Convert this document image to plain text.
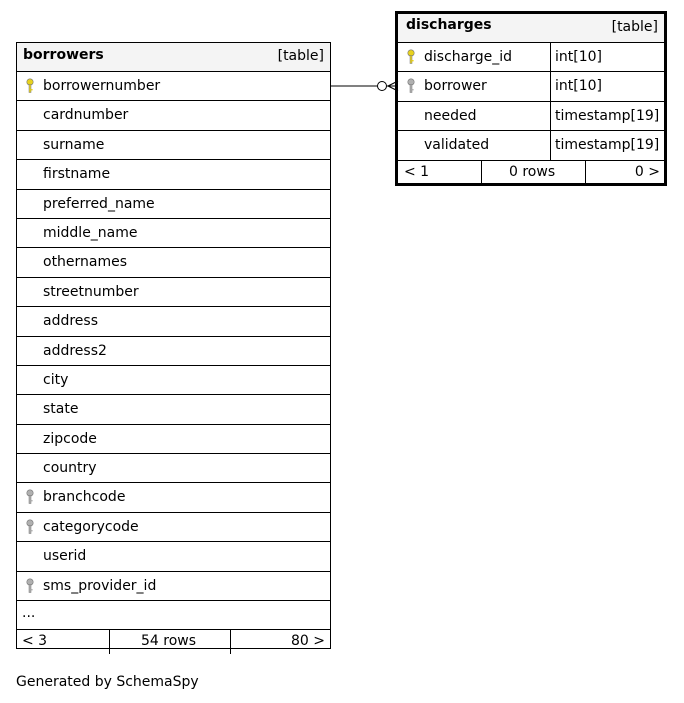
borrowers	[table]
borrowernumber
cardnumber
surname
firstname
preferred_name
middle_name
othernames
streetnumber
address
address2
city
state
zipcode
country
branchcode
categorycode
userid
sms_provider_id
...
< 3	54 rows	80 >
discharges	[table]
discharge_id	int[10]
borrower	int[10]
needed	timestamp[19]
validated	timestamp[19]
< 1	0 rows	0 >
Generated by SchemaSpy
